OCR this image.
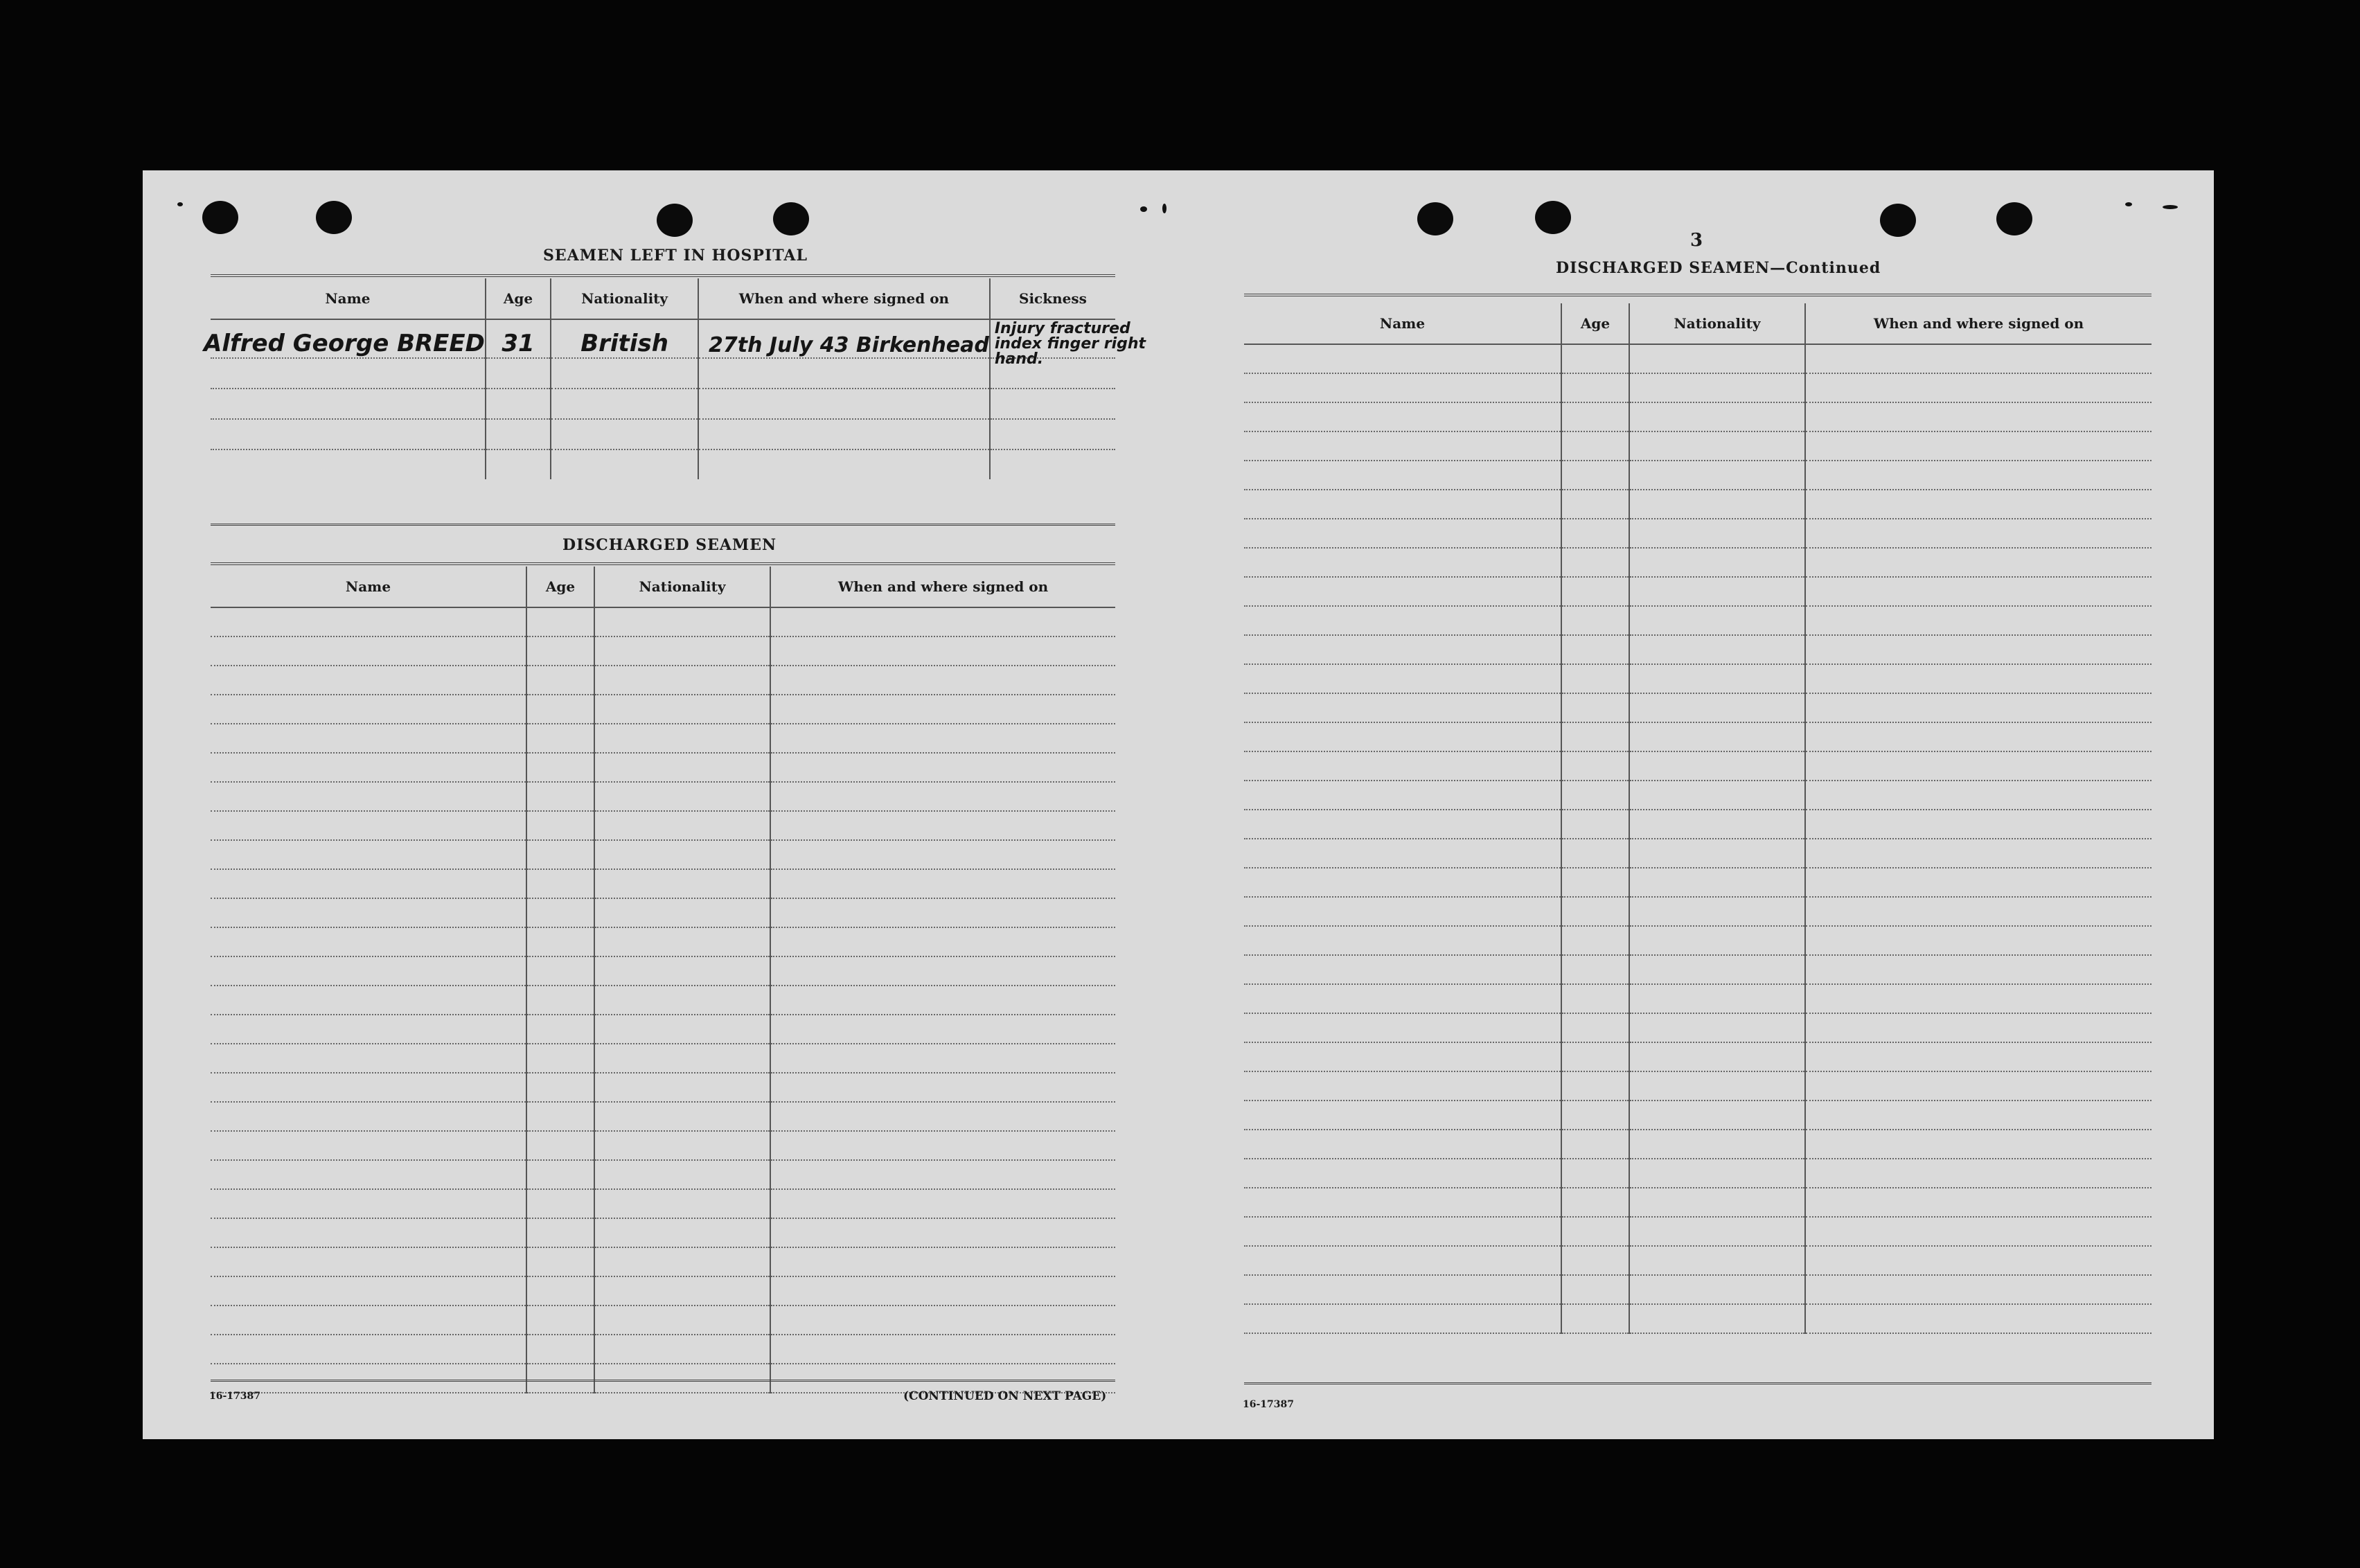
SEAMEN LEFT IN HOSPITAL
Name	Age	Nationality	When and where signed on	Sickness
Alfred George BREED	31	British	27th July 43 Birkenhead	Injury fractured index finger right hand.

DISCHARGED SEAMEN
Name	Age	Nationality	When and where signed on

16-17387	(CONTINUED ON NEXT PAGE)
3
DISCHARGED SEAMEN—Continued
Name	Age	Nationality	When and where signed on

16-17387
